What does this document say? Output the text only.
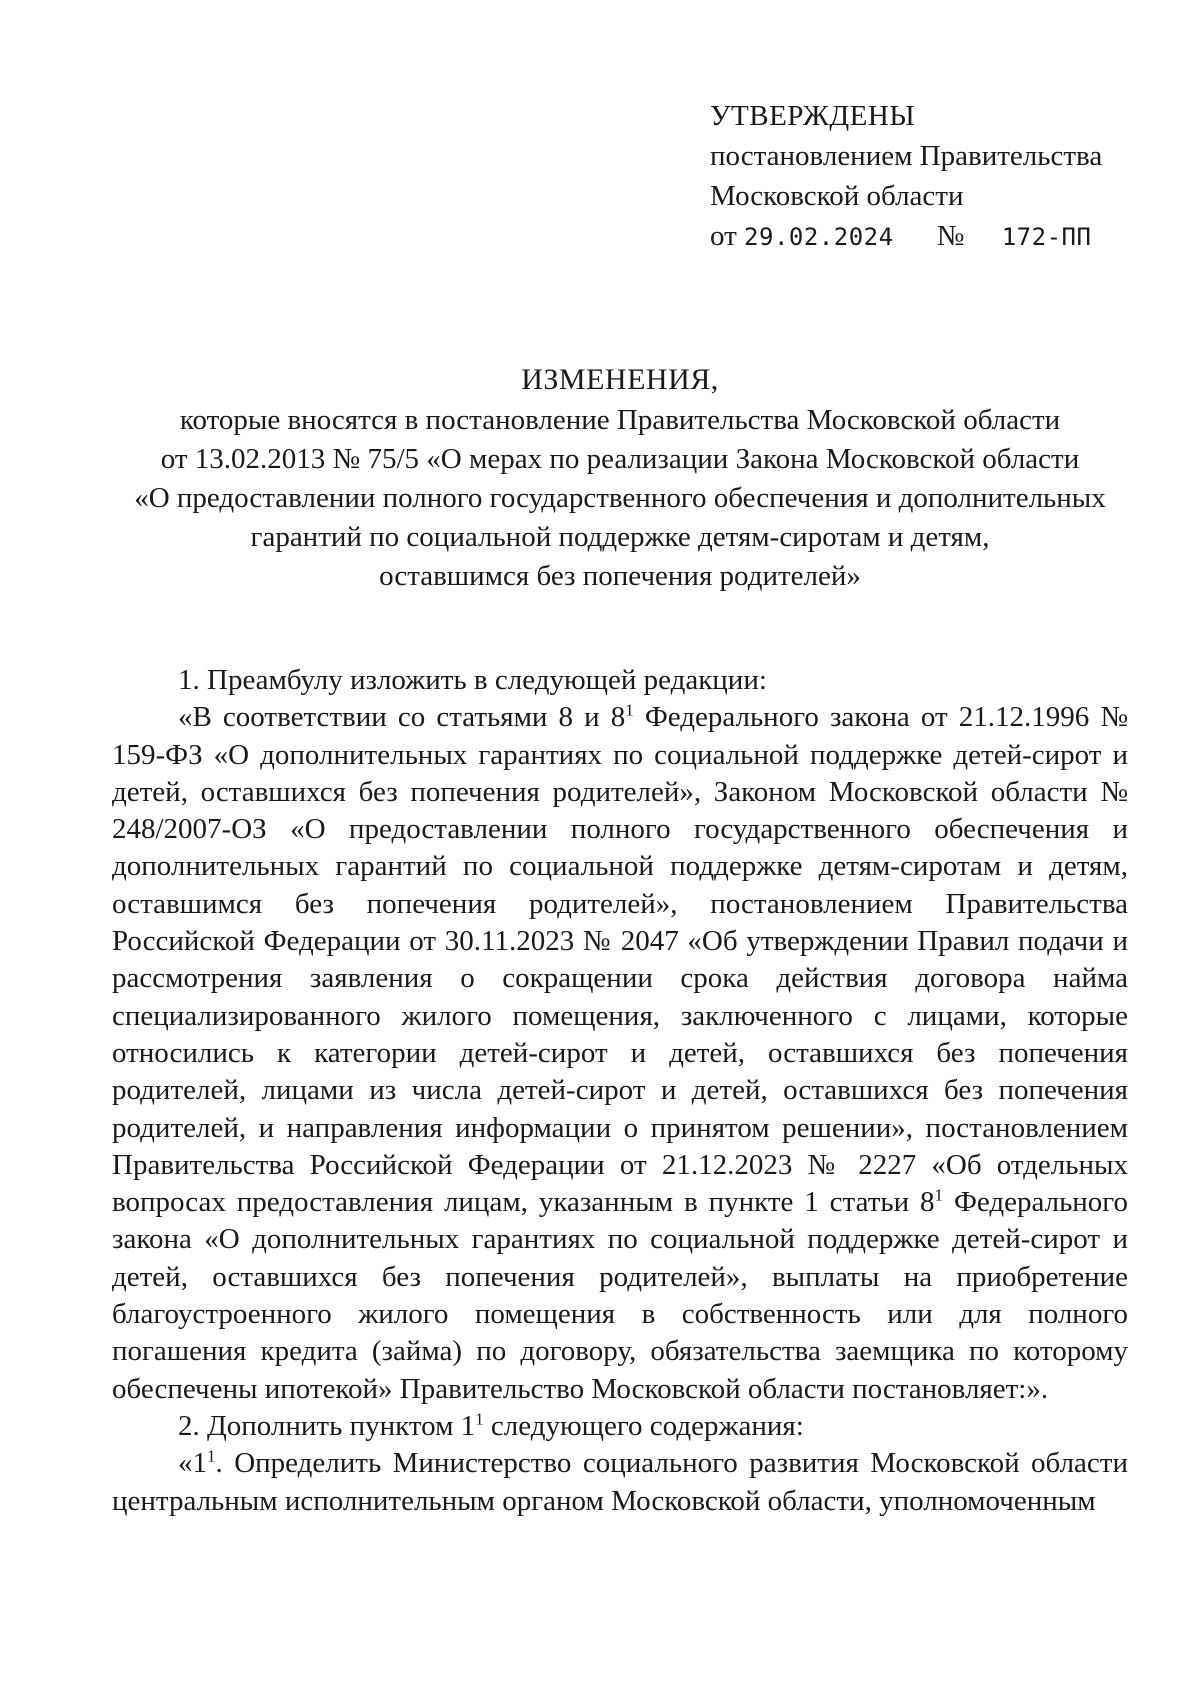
УТВЕРЖДЕНЫ
постановлением Правительства
Московской области
от 29.02.2024 № 172-ПП
ИЗМЕНЕНИЯ,
которые вносятся в постановление Правительства Московской области
от 13.02.2013 № 75/5 «О мерах по реализации Закона Московской области
«О предоставлении полного государственного обеспечения и дополнительных
гарантий по социальной поддержке детям-сиротам и детям,
оставшимся без попечения родителей»

1. Преамбулу изложить в следующей редакции:

«В соответствии со статьями 8 и $8^1$ Федерального закона от 21.12.1996 № 159-ФЗ «О дополнительных гарантиях по социальной поддержке детей-сирот и детей, оставшихся без попечения родителей», Законом Московской области № 248/2007-ОЗ «О предоставлении полного государственного обеспечения и дополнительных гарантий по социальной поддержке детям-сиротам и детям, оставшимся без попечения родителей», постановлением Правительства Российской Федерации от 30.11.2023 № 2047 «Об утверждении Правил подачи и рассмотрения заявления о сокращении срока действия договора найма специализированного жилого помещения, заключенного с лицами, которые относились к категории детей-сирот и детей, оставшихся без попечения родителей, лицами из числа детей-сирот и детей, оставшихся без попечения родителей, и направления информации о принятом решении», постановлением Правительства Российской Федерации от 21.12.2023 № 2227 «Об отдельных вопросах предоставления лицам, указанным в пункте 1 статьи $8^1$ Федерального закона «О дополнительных гарантиях по социальной поддержке детей-сирот и детей, оставшихся без попечения родителей», выплаты на приобретение благоустроенного жилого помещения в собственность или для полного погашения кредита (займа) по договору, обязательства заемщика по которому обеспечены ипотекой» Правительство Московской области постановляет:».

2. Дополнить пунктом $1^1$ следующего содержания:

«$1^1$. Определить Министерство социального развития Московской области центральным исполнительным органом Московской области, уполномоченным
